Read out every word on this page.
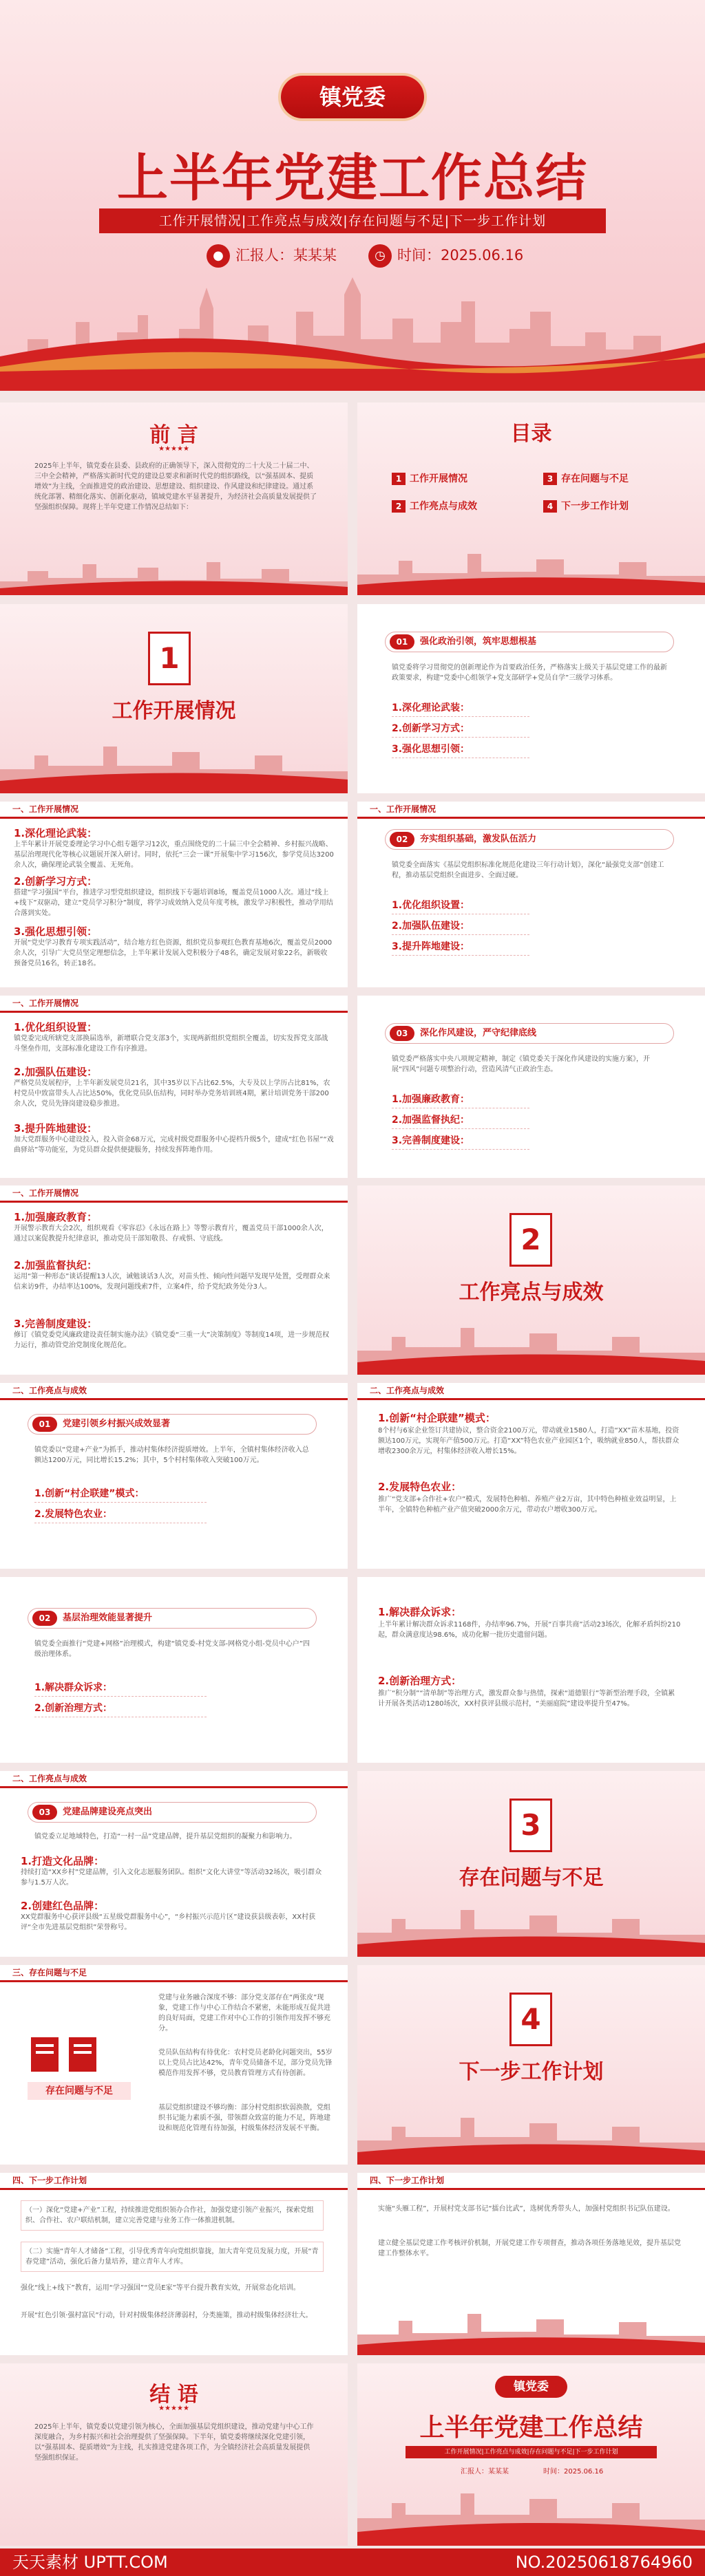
镇党委
上半年党建工作总结
工作开展情况|工作亮点与成效|存在问题与不足|下一步工作计划
● 汇报人：某某某	◷ 时间：2025.06.16
前 言
★★★★★
2025年上半年，镇党委在县委、县政府的正确领导下，深入贯彻党的二十大及二十届二中、三中全会精神，严格落实新时代党的建设总要求和新时代党的组织路线，以“强基固本、提质增效”为主线，全面推进党的政治建设、思想建设、组织建设、作风建设和纪律建设。通过系统化部署、精细化落实、创新化驱动，镇域党建水平显著提升，为经济社会高质量发展提供了坚强组织保障。现将上半年党建工作情况总结如下：
目录
1 工作开展情况	3 存在问题与不足
2 工作亮点与成效	4 下一步工作计划
1
工作开展情况
01	强化政治引领，筑牢思想根基
镇党委将学习贯彻党的创新理论作为首要政治任务，严格落实上级关于基层党建工作的最新政策要求，构建“党委中心组领学+党支部研学+党员自学”三级学习体系。
1.深化理论武装：
2.创新学习方式：
3.强化思想引领：
一、工作开展情况
1.深化理论武装：
上半年累计开展党委理论学习中心组专题学习12次，重点围绕党的二十届三中全会精神、乡村振兴战略、基层治理现代化等核心议题展开深入研讨。同时，依托“三会一课”开展集中学习156次，参学党员达3200余人次，确保理论武装全覆盖、无死角。
2.创新学习方式：
搭建“学习强国”平台，推进学习型党组织建设，组织线下专题培训8场，覆盖党员1000人次。通过“线上+线下”双驱动，建立“党员学习积分”制度，将学习成效纳入党员年度考核，激发学习积极性，推动学用结合落到实处。
3.强化思想引领：
开展“党史学习教育专项实践活动”，结合地方红色资源，组织党员参观红色教育基地6次，覆盖党员2000余人次，引导广大党员坚定理想信念，上半年累计发展入党积极分子48名，确定发展对象22名，新吸收预备党员16名，转正18名。
一、工作开展情况
02	夯实组织基础，激发队伍活力
镇党委全面落实《基层党组织标准化规范化建设三年行动计划》，深化“最强党支部”创建工程，推动基层党组织全面进步、全面过硬。
1.优化组织设置：
2.加强队伍建设：
3.提升阵地建设：
一、工作开展情况
1.优化组织设置：
镇党委完成所辖党支部换届选举，新增联合党支部3个，实现两新组织党组织全覆盖，切实发挥党支部战斗堡垒作用，支部标准化建设工作有序推进。
2.加强队伍建设：
严格党员发展程序，上半年新发展党员21名，其中35岁以下占比62.5%，大专及以上学历占比81%，农村党员中致富带头人占比达50%，优化党员队伍结构，同时举办党务培训班4期，累计培训党务干部200余人次，党员先锋岗建设稳步推进。
3.提升阵地建设：
加大党群服务中心建设投入，投入资金68万元，完成村级党群服务中心提档升级5个，建成“红色书屋”“戏曲驿站”等功能室，为党员群众提供便捷服务，持续发挥阵地作用。
03	深化作风建设，严守纪律底线
镇党委严格落实中央八项规定精神，制定《镇党委关于深化作风建设的实施方案》，开展“四风”问题专项整治行动，营造风清气正政治生态。
1.加强廉政教育：
2.加强监督执纪：
3.完善制度建设：
一、工作开展情况
1.加强廉政教育：
开展警示教育大会2次，组织观看《零容忍》《永远在路上》等警示教育片，覆盖党员干部1000余人次，通过以案促教提升纪律意识，推动党员干部知敬畏、存戒惧、守底线。
2.加强监督执纪：
运用“第一种形态”谈话提醒13人次，诫勉谈话3人次，对苗头性、倾向性问题早发现早处置，受理群众来信来访9件，办结率达100%，发现问题线索7件，立案4件，给予党纪政务处分3人。
3.完善制度建设：
修订《镇党委党风廉政建设责任制实施办法》《镇党委“三重一大”决策制度》等制度14项，进一步规范权力运行，推动管党治党制度化规范化。
2
工作亮点与成效
二、工作亮点与成效
01	党建引领乡村振兴成效显著
镇党委以“党建+产业”为抓手，推动村集体经济提质增效。上半年，全镇村集体经济收入总额达1200万元，同比增长15.2%；其中，5个村村集体收入突破100万元。
1.创新“村企联建”模式：
2.发展特色农业：
二、工作亮点与成效
1.创新“村企联建”模式：
8个村与6家企业签订共建协议，整合资金2100万元，带动就业1580人，打造“XX”苗木基地，投资额达100万元，实现年产值500万元。打造“XX”特色农业产业园区1个，吸纳就业850人，帮扶群众增收2300余万元，村集体经济收入增长15%。
2.发展特色农业：
推广“党支部+合作社+农户”模式，发展特色种植、养殖产业2万亩，其中特色种植业效益明显，上半年，全镇特色种植产业产值突破2000余万元，带动农户增收300万元。
02	基层治理效能显著提升
镇党委全面推行“党建+网格”治理模式，构建“镇党委-村党支部-网格党小组-党员中心户”四级治理体系。
1.解决群众诉求：
2.创新治理方式：
1.解决群众诉求：
上半年累计解决群众诉求1168件，办结率96.7%，开展“百事共商”活动23场次，化解矛盾纠纷210起，群众满意度达98.6%，成功化解一批历史遗留问题。
2.创新治理方式：
推广“积分制”“清单制”等治理方式，激发群众参与热情，探索“道德银行”等新型治理手段，全镇累计开展各类活动1280场次，XX村获评县级示范村，“美丽庭院”建设率提升至47%。
二、工作亮点与成效
03	党建品牌建设亮点突出
镇党委立足地域特色，打造“一村一品”党建品牌，提升基层党组织的凝聚力和影响力。
1.打造文化品牌：
持续打造“XX乡村”党建品牌，引入文化志愿服务团队。组织“文化大讲堂”等活动32场次，吸引群众参与1.5万人次。
2.创建红色品牌：
XX党群服务中心获评县级“五星级党群服务中心”，“乡村振兴示范片区”建设获县级表彰，XX村获评“全市先进基层党组织”荣誉称号。
3
存在问题与不足
三、存在问题与不足
存在问题与不足
党建与业务融合深度不够：部分党支部存在“两张皮”现象，党建工作与中心工作结合不紧密，未能形成互促共进的良好局面，党建工作对中心工作的引领作用发挥不够充分。
党员队伍结构有待优化：农村党员老龄化问题突出，55岁以上党员占比达42%，青年党员储备不足，部分党员先锋模范作用发挥不够，党员教育管理方式有待创新。
基层党组织建设不够均衡：部分村党组织软弱涣散，党组织书记能力素质不强，带领群众致富的能力不足，阵地建设和规范化管理有待加强，村级集体经济发展不平衡。
4
下一步工作计划
四、下一步工作计划
（一）深化“党建+产业”工程，持续推进党组织领办合作社，加强党建引领产业振兴，探索党组织、合作社、农户联结机制，建立完善党建与业务工作一体推进机制。
（二）实施“青年人才储备”工程，引导优秀青年向党组织靠拢，加大青年党员发展力度，开展“青春党建”活动，强化后备力量培养，建立青年人才库。
强化“线上+线下”教育，运用“学习强国”“党员E家”等平台提升教育实效，开展常态化培训。
开展“红色引领·强村富民”行动，针对村级集体经济薄弱村，分类施策，推动村级集体经济壮大。
四、下一步工作计划
实施“头雁工程”，开展村党支部书记“擂台比武”，选树优秀带头人，加强村党组织书记队伍建设。
建立健全基层党建工作考核评价机制，开展党建工作专项督查，推动各项任务落地见效，提升基层党建工作整体水平。
结 语
★★★★★
2025年上半年，镇党委以党建引领为核心，全面加强基层党组织建设，推动党建与中心工作深度融合，为乡村振兴和社会治理提供了坚强保障。下半年，镇党委将继续深化党建引领，以“强基固本、提质增效”为主线，扎实推进党建各项工作，为全镇经济社会高质量发展提供坚强组织保证。
镇党委
上半年党建工作总结
工作开展情况|工作亮点与成效|存在问题与不足|下一步工作计划
汇报人：某某某	时间：2025.06.16
天天素材 UPTT.COM	NO.20250618764960
